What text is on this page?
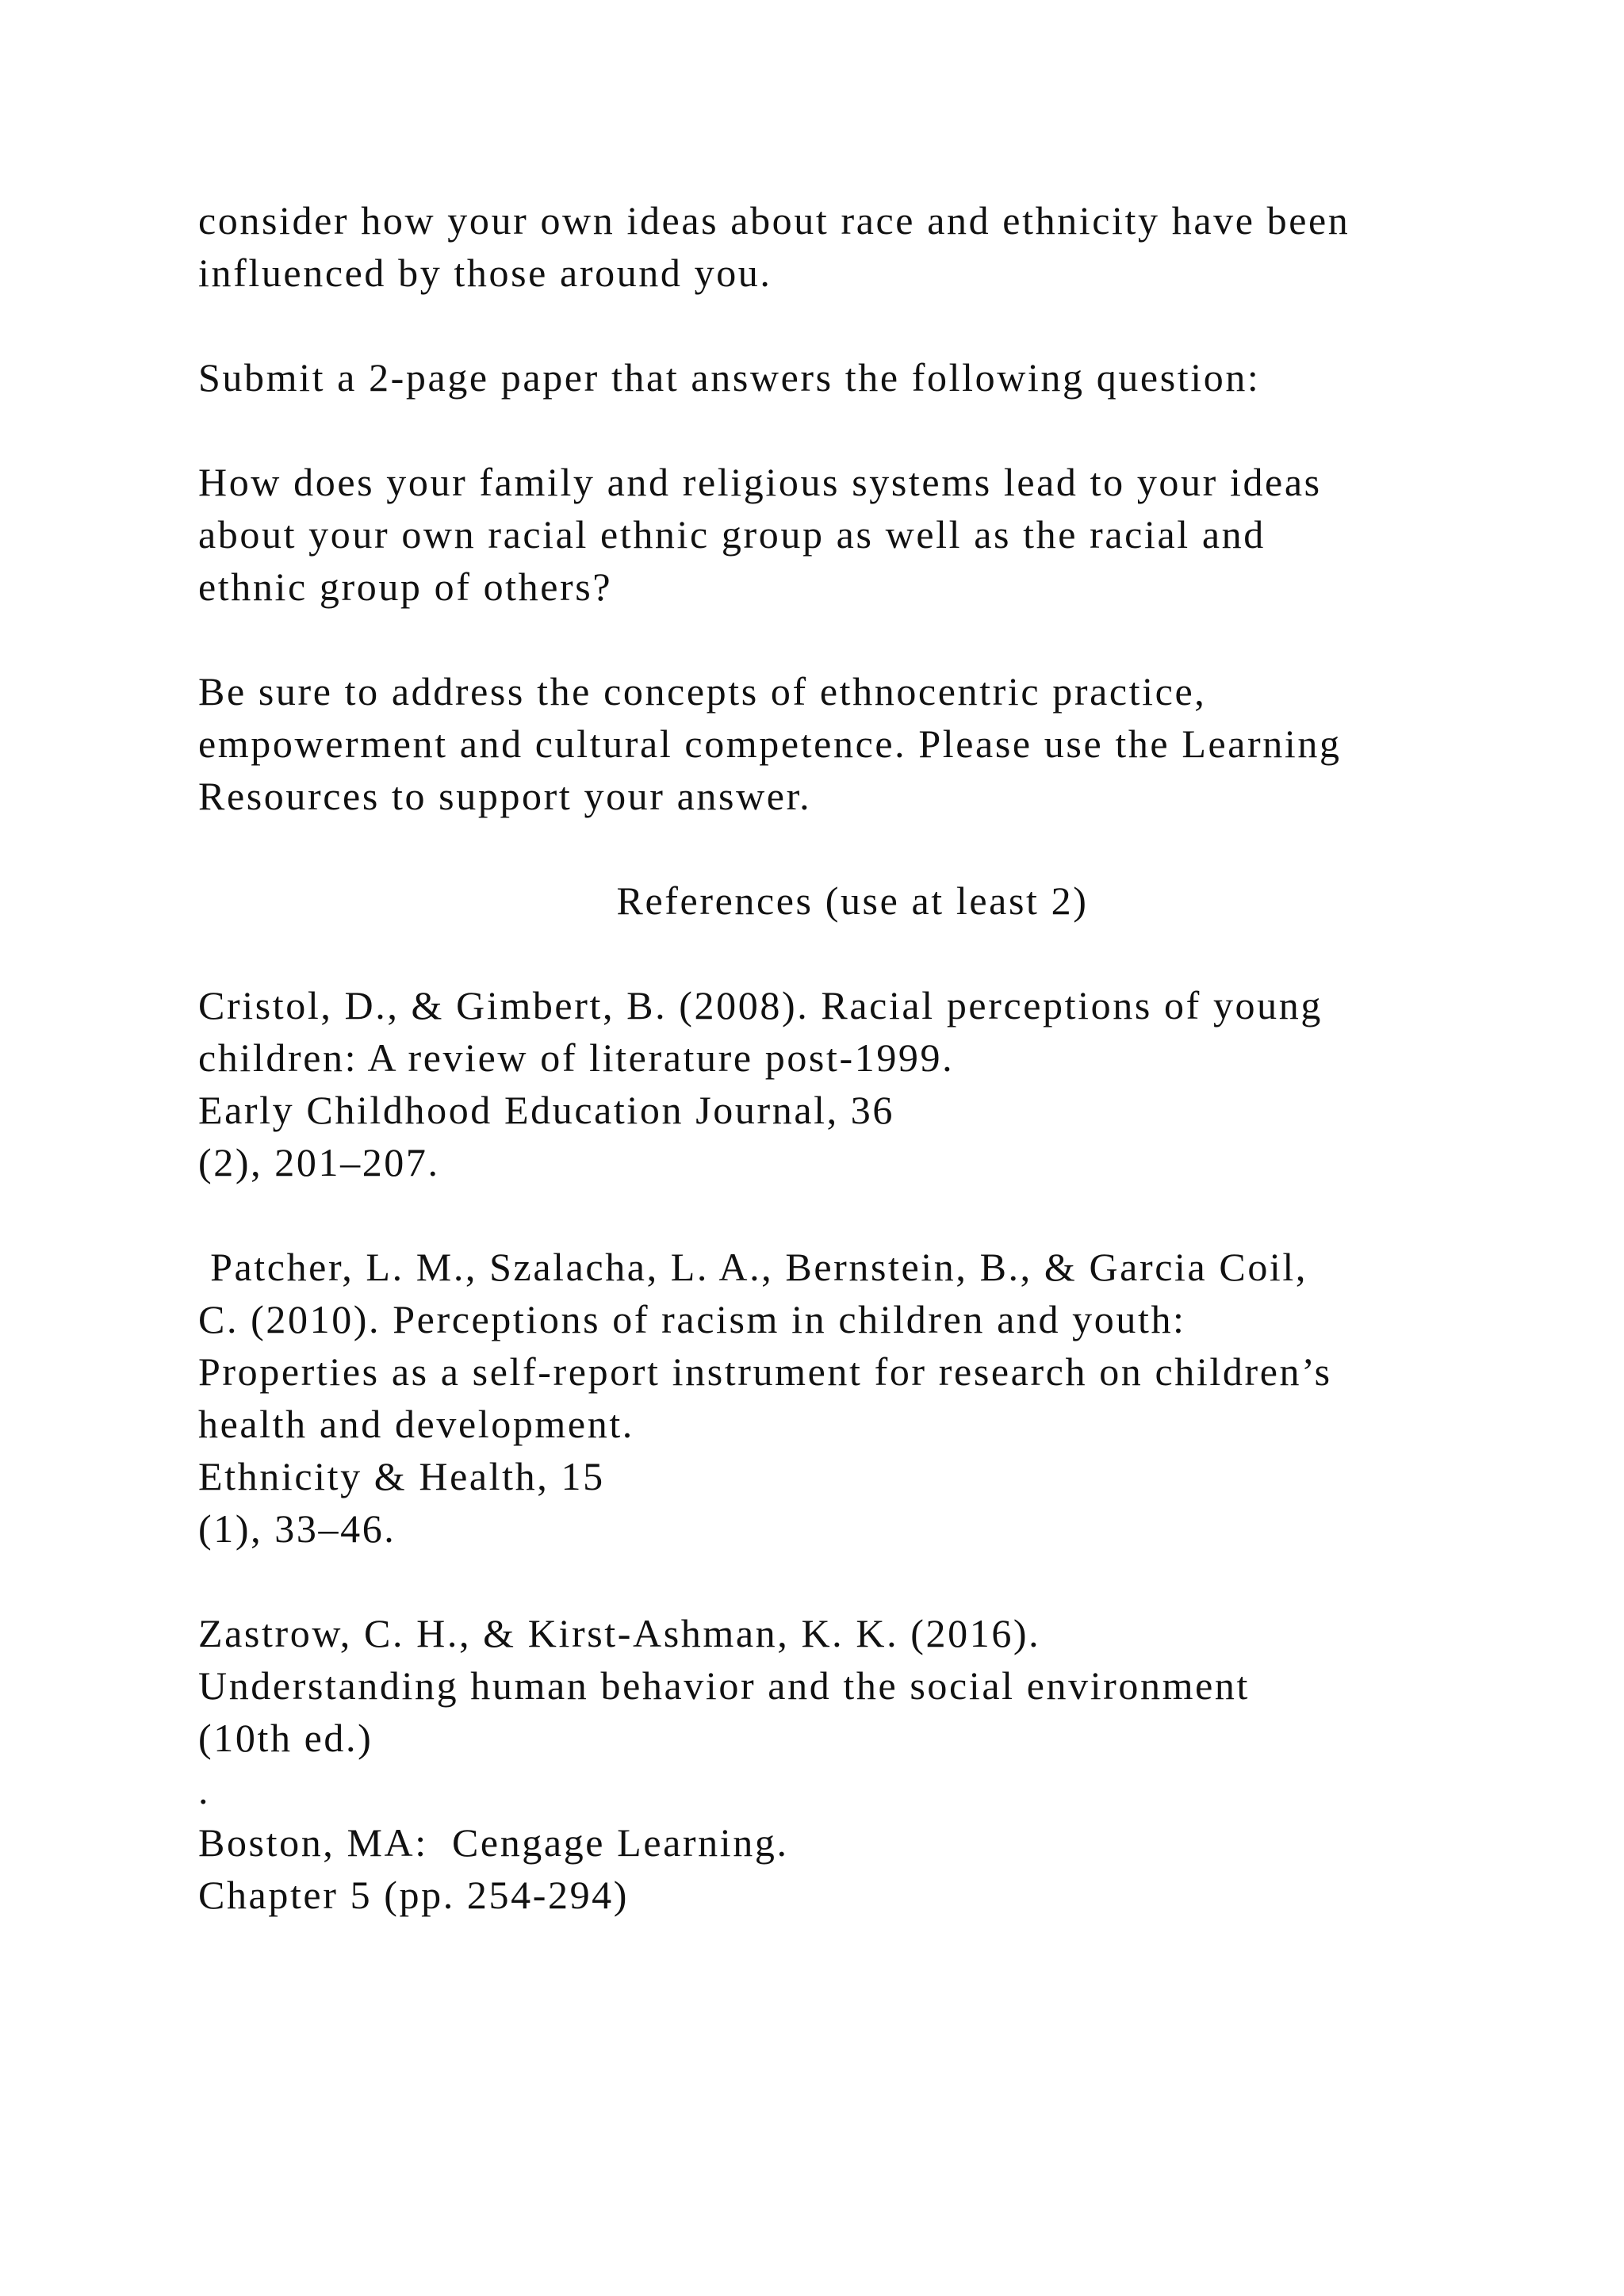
consider how your own ideas about race and ethnicity have been
influenced by those around you.
Submit a 2-page paper that answers the following question:
How does your family and religious systems lead to your ideas
about your own racial ethnic group as well as the racial and
ethnic group of others?
Be sure to address the concepts of ethnocentric practice,
empowerment and cultural competence. Please use the Learning
Resources to support your answer.
References (use at least 2)
Cristol, D., & Gimbert, B. (2008). Racial perceptions of young
children: A review of literature post-1999.
Early Childhood Education Journal, 36
(2), 201–207.
Patcher, L. M., Szalacha, L. A., Bernstein, B., & Garcia Coil,
C. (2010). Perceptions of racism in children and youth:
Properties as a self-report instrument for research on children’s
health and development.
Ethnicity & Health, 15
(1), 33–46.
Zastrow, C. H., & Kirst-Ashman, K. K. (2016).
Understanding human behavior and the social environment
(10th ed.)
.
Boston, MA:  Cengage Learning.
Chapter 5 (pp. 254-294)
